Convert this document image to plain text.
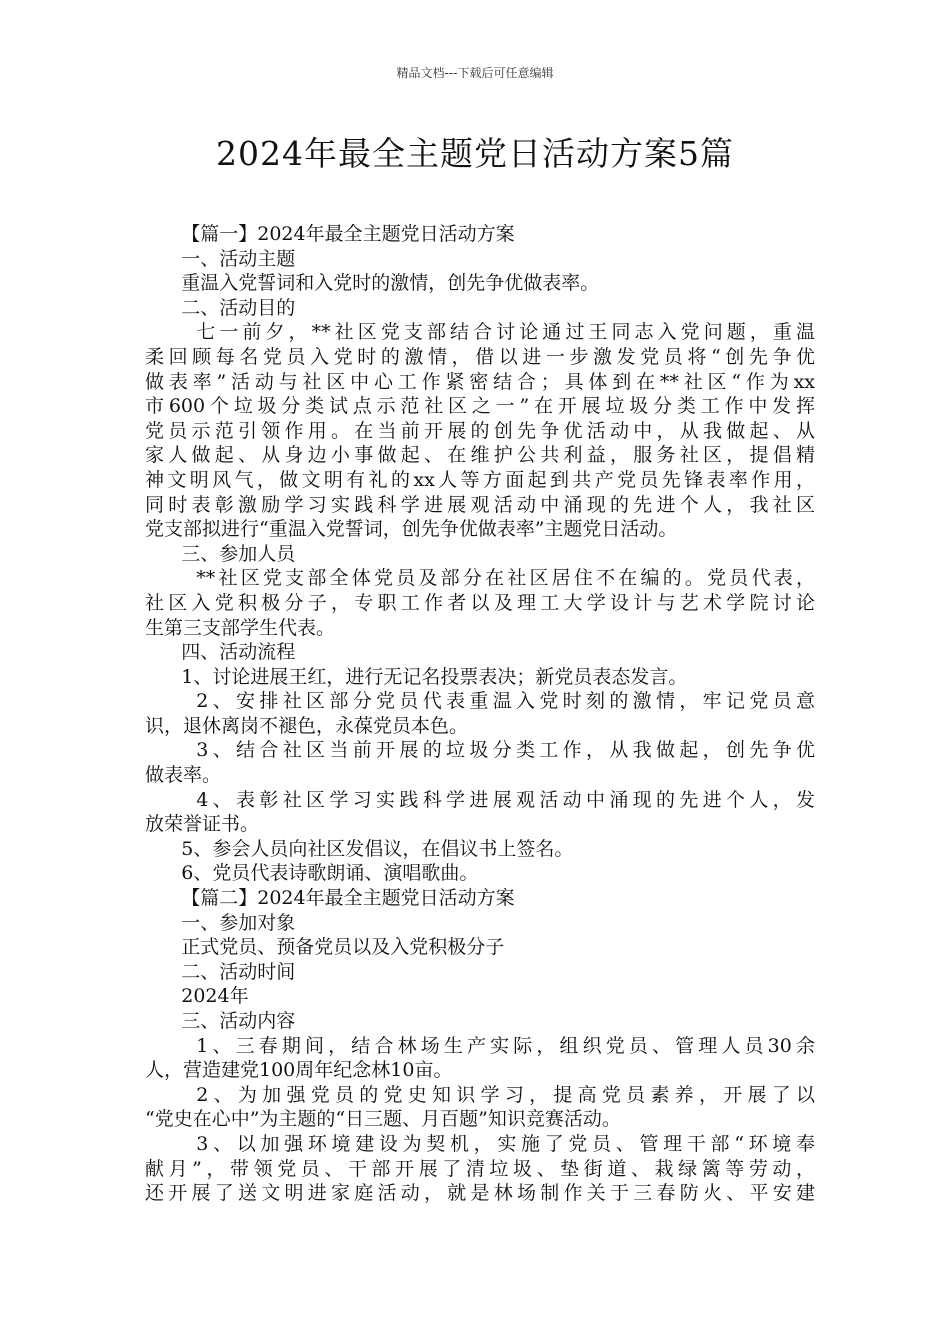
精品文档---下载后可任意编辑
2024年最全主题党日活动方案5篇
【篇一】2024年最全主题党日活动方案
一、活动主题
重温入党誓词和入党时的激情，创先争优做表率。
二、活动目的
七一前夕，**社区党支部结合讨论通过王同志入党问题，重温
柔回顾每名党员入党时的激情，借以进一步激发党员将“创先争优
做表率”活动与社区中心工作紧密结合；具体到在**社区“作为xx
市600个垃圾分类试点示范社区之一”在开展垃圾分类工作中发挥
党员示范引领作用。在当前开展的创先争优活动中，从我做起、从
家人做起、从身边小事做起、在维护公共利益，服务社区，提倡精
神文明风气，做文明有礼的xx人等方面起到共产党员先锋表率作用，
同时表彰激励学习实践科学进展观活动中涌现的先进个人，我社区
党支部拟进行“重温入党誓词，创先争优做表率”主题党日活动。
三、参加人员
**社区党支部全体党员及部分在社区居住不在编的。党员代表，
社区入党积极分子，专职工作者以及理工大学设计与艺术学院讨论
生第三支部学生代表。
四、活动流程
1、讨论进展王红，进行无记名投票表决；新党员表态发言。
2、安排社区部分党员代表重温入党时刻的激情，牢记党员意
识，退休离岗不褪色，永葆党员本色。
3、结合社区当前开展的垃圾分类工作，从我做起，创先争优
做表率。
4、表彰社区学习实践科学进展观活动中涌现的先进个人，发
放荣誉证书。
5、参会人员向社区发倡议，在倡议书上签名。
6、党员代表诗歌朗诵、演唱歌曲。
【篇二】2024年最全主题党日活动方案
一、参加对象
正式党员、预备党员以及入党积极分子
二、活动时间
2024年
三、活动内容
1、三春期间，结合林场生产实际，组织党员、管理人员30余
人，营造建党100周年纪念林10亩。
2、为加强党员的党史知识学习，提高党员素养，开展了以
“党史在心中”为主题的“日三题、月百题”知识竞赛活动。
3、以加强环境建设为契机，实施了党员、管理干部“环境奉
献月”，带领党员、干部开展了清垃圾、垫街道、栽绿篱等劳动，
还开展了送文明进家庭活动，就是林场制作关于三春防火、平安建
